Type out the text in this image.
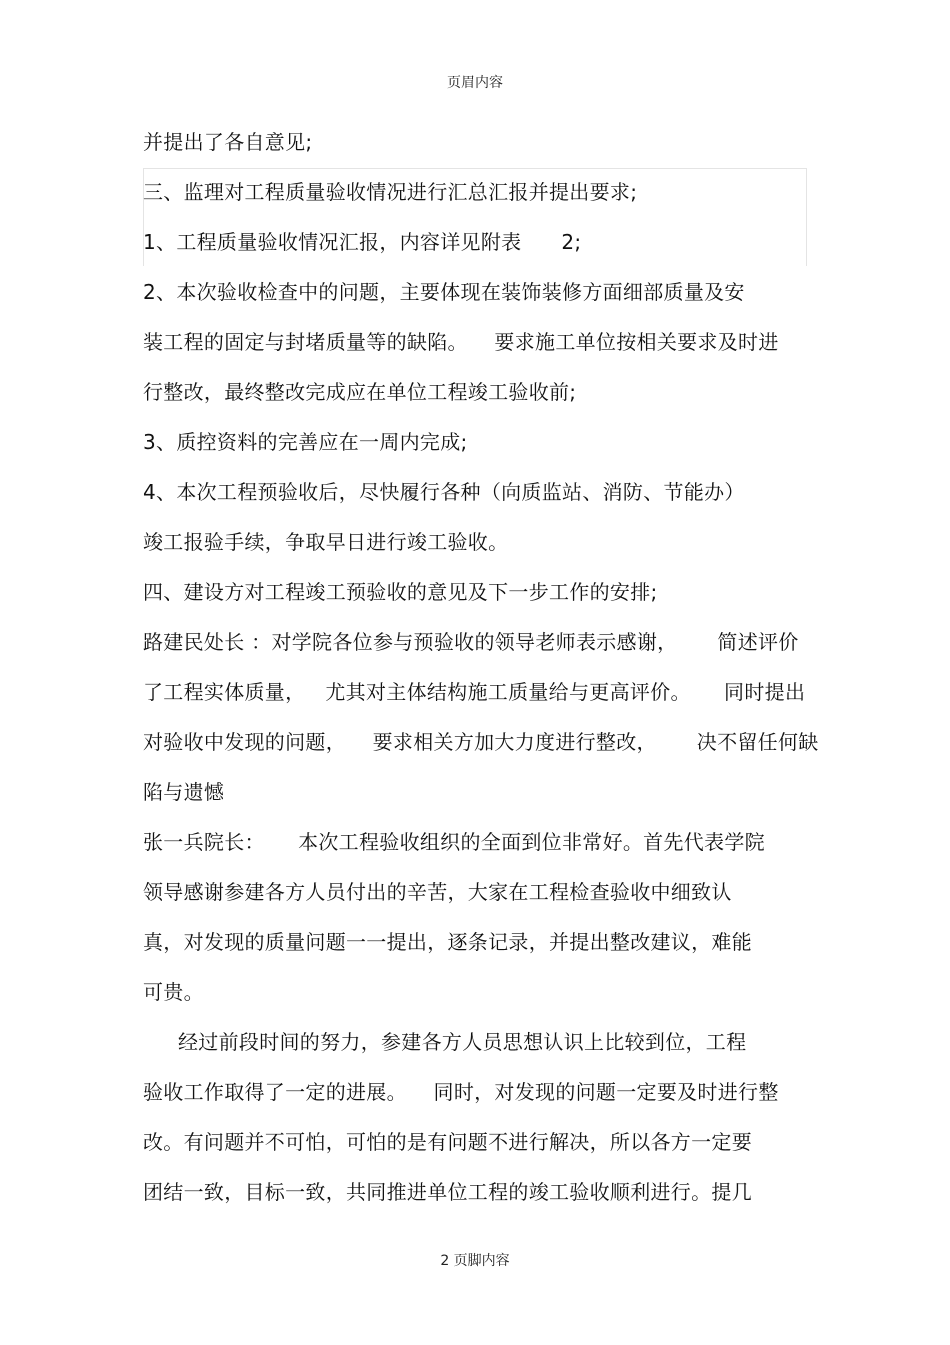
页眉内容
并提出了各自意见;
三、监理对工程质量验收情况进行汇总汇报并提出要求;
1、工程质量验收情况汇报，内容详见附表      2;
2、本次验收检查中的问题，主要体现在装饰装修方面细部质量及安
装工程的固定与封堵质量等的缺陷。    要求施工单位按相关要求及时进
行整改，最终整改完成应在单位工程竣工验收前;
3、质控资料的完善应在一周内完成;
4、本次工程预验收后，尽快履行各种（向质监站、消防、节能办）
竣工报验手续，争取早日进行竣工验收。
四、建设方对工程竣工预验收的意见及下一步工作的安排;
路建民处长 ：对学院各位参与预验收的领导老师表示感谢，      简述评价
了工程实体质量，   尤其对主体结构施工质量给与更高评价。     同时提出
对验收中发现的问题，    要求相关方加大力度进行整改，      决不留任何缺
陷与遗憾
张一兵院长：     本次工程验收组织的全面到位非常好。首先代表学院
领导感谢参建各方人员付出的辛苦，大家在工程检查验收中细致认
真，对发现的质量问题一一提出，逐条记录，并提出整改建议，难能
可贵。
经过前段时间的努力，参建各方人员思想认识上比较到位，工程
验收工作取得了一定的进展。    同时，对发现的问题一定要及时进行整
改。有问题并不可怕，可怕的是有问题不进行解决，所以各方一定要
团结一致，目标一致，共同推进单位工程的竣工验收顺利进行。提几
2 页脚内容
